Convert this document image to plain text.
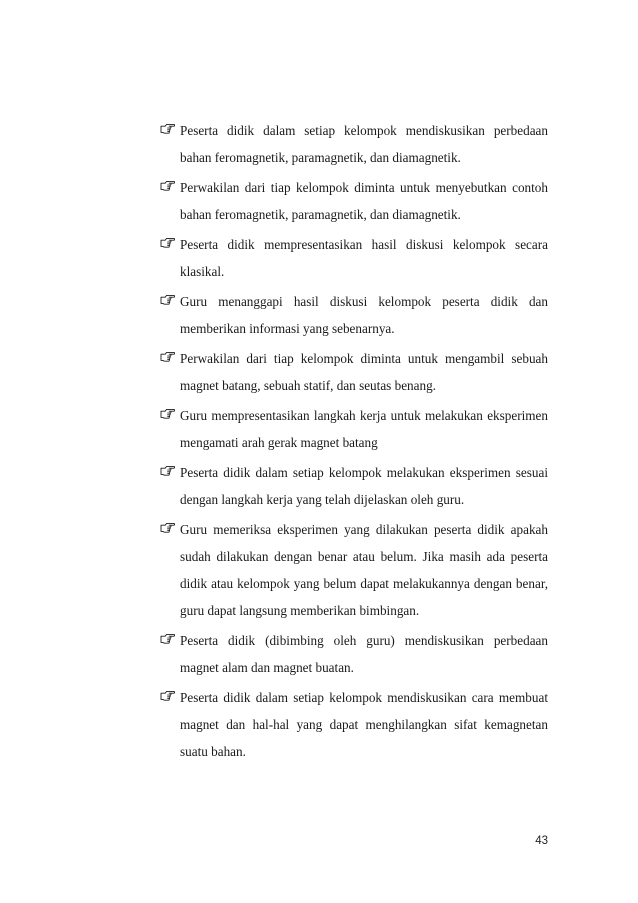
Peserta didik dalam setiap kelompok mendiskusikan perbedaan bahan feromagnetik, paramagnetik, dan diamagnetik.
Perwakilan dari tiap kelompok diminta untuk menyebutkan contoh bahan feromagnetik, paramagnetik, dan diamagnetik.
Peserta didik mempresentasikan hasil diskusi kelompok secara klasikal.
Guru menanggapi hasil diskusi kelompok peserta didik dan memberikan informasi yang sebenarnya.
Perwakilan dari tiap kelompok diminta untuk mengambil sebuah magnet batang, sebuah statif, dan seutas benang.
Guru mempresentasikan langkah kerja untuk melakukan eksperimen mengamati arah gerak magnet batang
Peserta didik dalam setiap kelompok melakukan eksperimen sesuai dengan langkah kerja yang telah dijelaskan oleh guru.
Guru memeriksa eksperimen yang dilakukan peserta didik apakah sudah dilakukan dengan benar atau belum. Jika masih ada peserta didik atau kelompok yang belum dapat melakukannya dengan benar, guru dapat langsung memberikan bimbingan.
Peserta didik (dibimbing oleh guru) mendiskusikan perbedaan magnet alam dan magnet buatan.
Peserta didik dalam setiap kelompok mendiskusikan cara membuat magnet dan hal-hal yang dapat menghilangkan sifat kemagnetan suatu bahan.
43
